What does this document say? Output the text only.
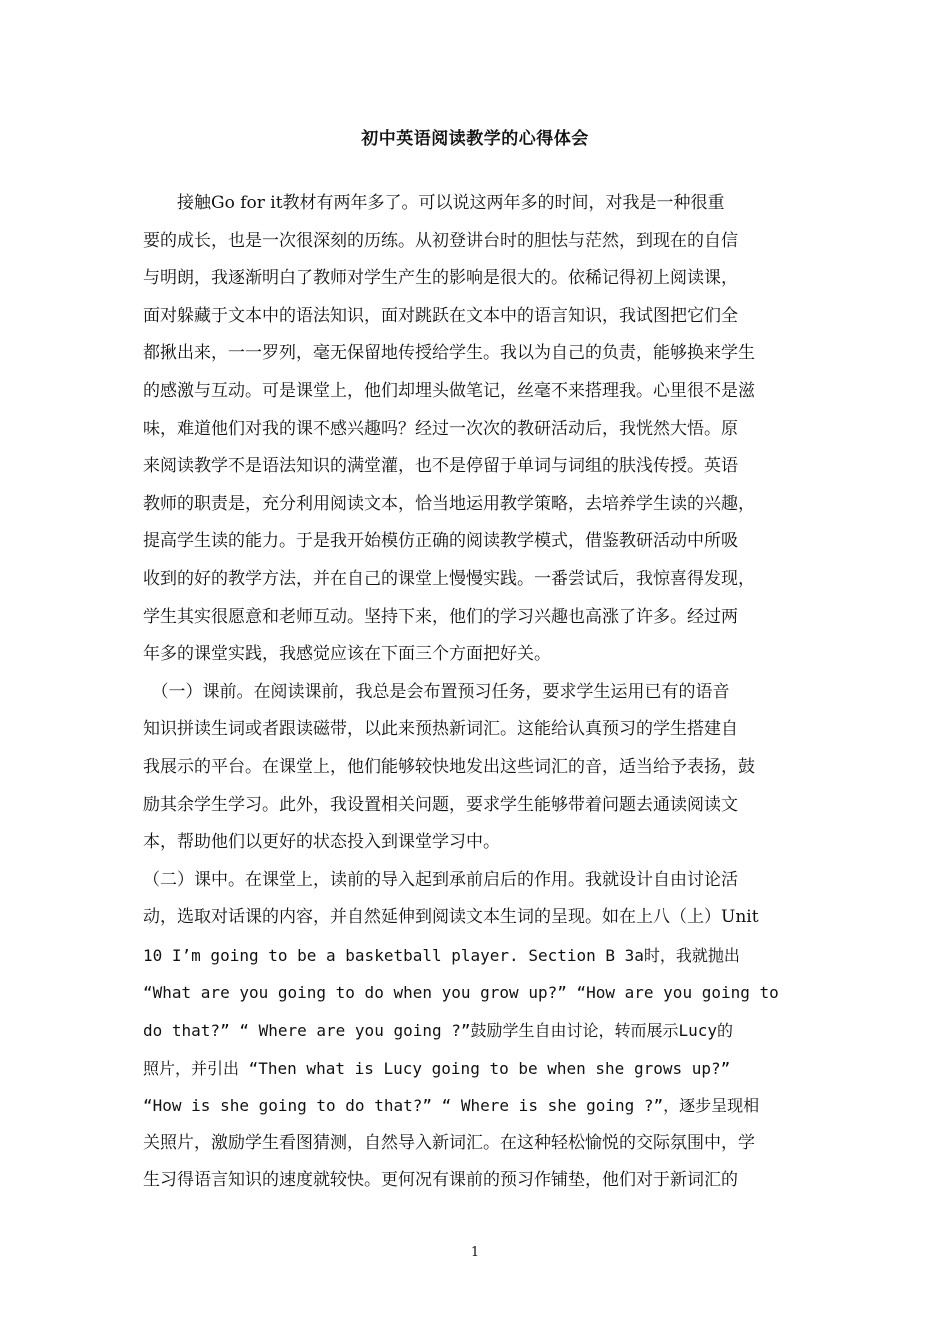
初中英语阅读教学的心得体会
　　接触Go for it教材有两年多了。可以说这两年多的时间，对我是一种很重
要的成长，也是一次很深刻的历练。从初登讲台时的胆怯与茫然，到现在的自信
与明朗，我逐渐明白了教师对学生产生的影响是很大的。依稀记得初上阅读课，
面对躲藏于文本中的语法知识，面对跳跃在文本中的语言知识，我试图把它们全
都揪出来，一一罗列，毫无保留地传授给学生。我以为自己的负责，能够换来学生
的感激与互动。可是课堂上，他们却埋头做笔记，丝毫不来搭理我。心里很不是滋
味，难道他们对我的课不感兴趣吗？经过一次次的教研活动后，我恍然大悟。原
来阅读教学不是语法知识的满堂灌，也不是停留于单词与词组的肤浅传授。英语
教师的职责是，充分利用阅读文本，恰当地运用教学策略，去培养学生读的兴趣，
提高学生读的能力。于是我开始模仿正确的阅读教学模式，借鉴教研活动中所吸
收到的好的教学方法，并在自己的课堂上慢慢实践。一番尝试后，我惊喜得发现，
学生其实很愿意和老师互动。坚持下来，他们的学习兴趣也高涨了许多。经过两
年多的课堂实践，我感觉应该在下面三个方面把好关。
　（一）课前。在阅读课前，我总是会布置预习任务，要求学生运用已有的语音
知识拼读生词或者跟读磁带，以此来预热新词汇。这能给认真预习的学生搭建自
我展示的平台。在课堂上，他们能够较快地发出这些词汇的音，适当给予表扬，鼓
励其余学生学习。此外，我设置相关问题，要求学生能够带着问题去通读阅读文
本，帮助他们以更好的状态投入到课堂学习中。
（二）课中。在课堂上，读前的导入起到承前启后的作用。我就设计自由讨论活
动，选取对话课的内容，并自然延伸到阅读文本生词的呈现。如在上八（上）Unit
10 I’m going to be a basketball player. Section B 3a时，我就抛出
“What are you going to do when you grow up?” “How are you going to
do that?” “ Where are you going ?”鼓励学生自由讨论，转而展示Lucy的
照片，并引出 “Then what is Lucy going to be when she grows up?”
“How is she going to do that?” “ Where is she going ?”，逐步呈现相
关照片，激励学生看图猜测，自然导入新词汇。在这种轻松愉悦的交际氛围中，学
生习得语言知识的速度就较快。更何况有课前的预习作铺垫，他们对于新词汇的
1
